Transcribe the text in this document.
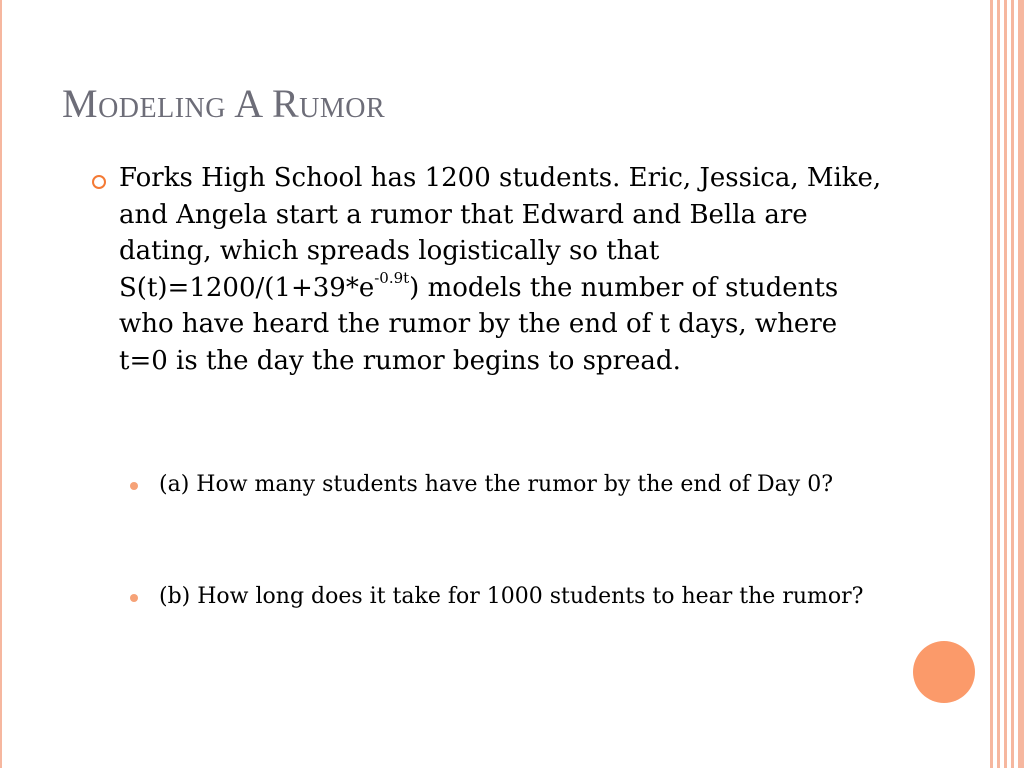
Modeling A Rumor
Forks High School has 1200 students. Eric, Jessica, Mike, and Angela start a rumor that Edward and Bella are dating, which spreads logistically so that $S(t)=1200/(1+39*e^{-0.9t})$ models the number of students who have heard the rumor by the end of t days, where t=0 is the day the rumor begins to spread.
(a) How many students have the rumor by the end of Day 0?
(b) How long does it take for 1000 students to hear the rumor?
